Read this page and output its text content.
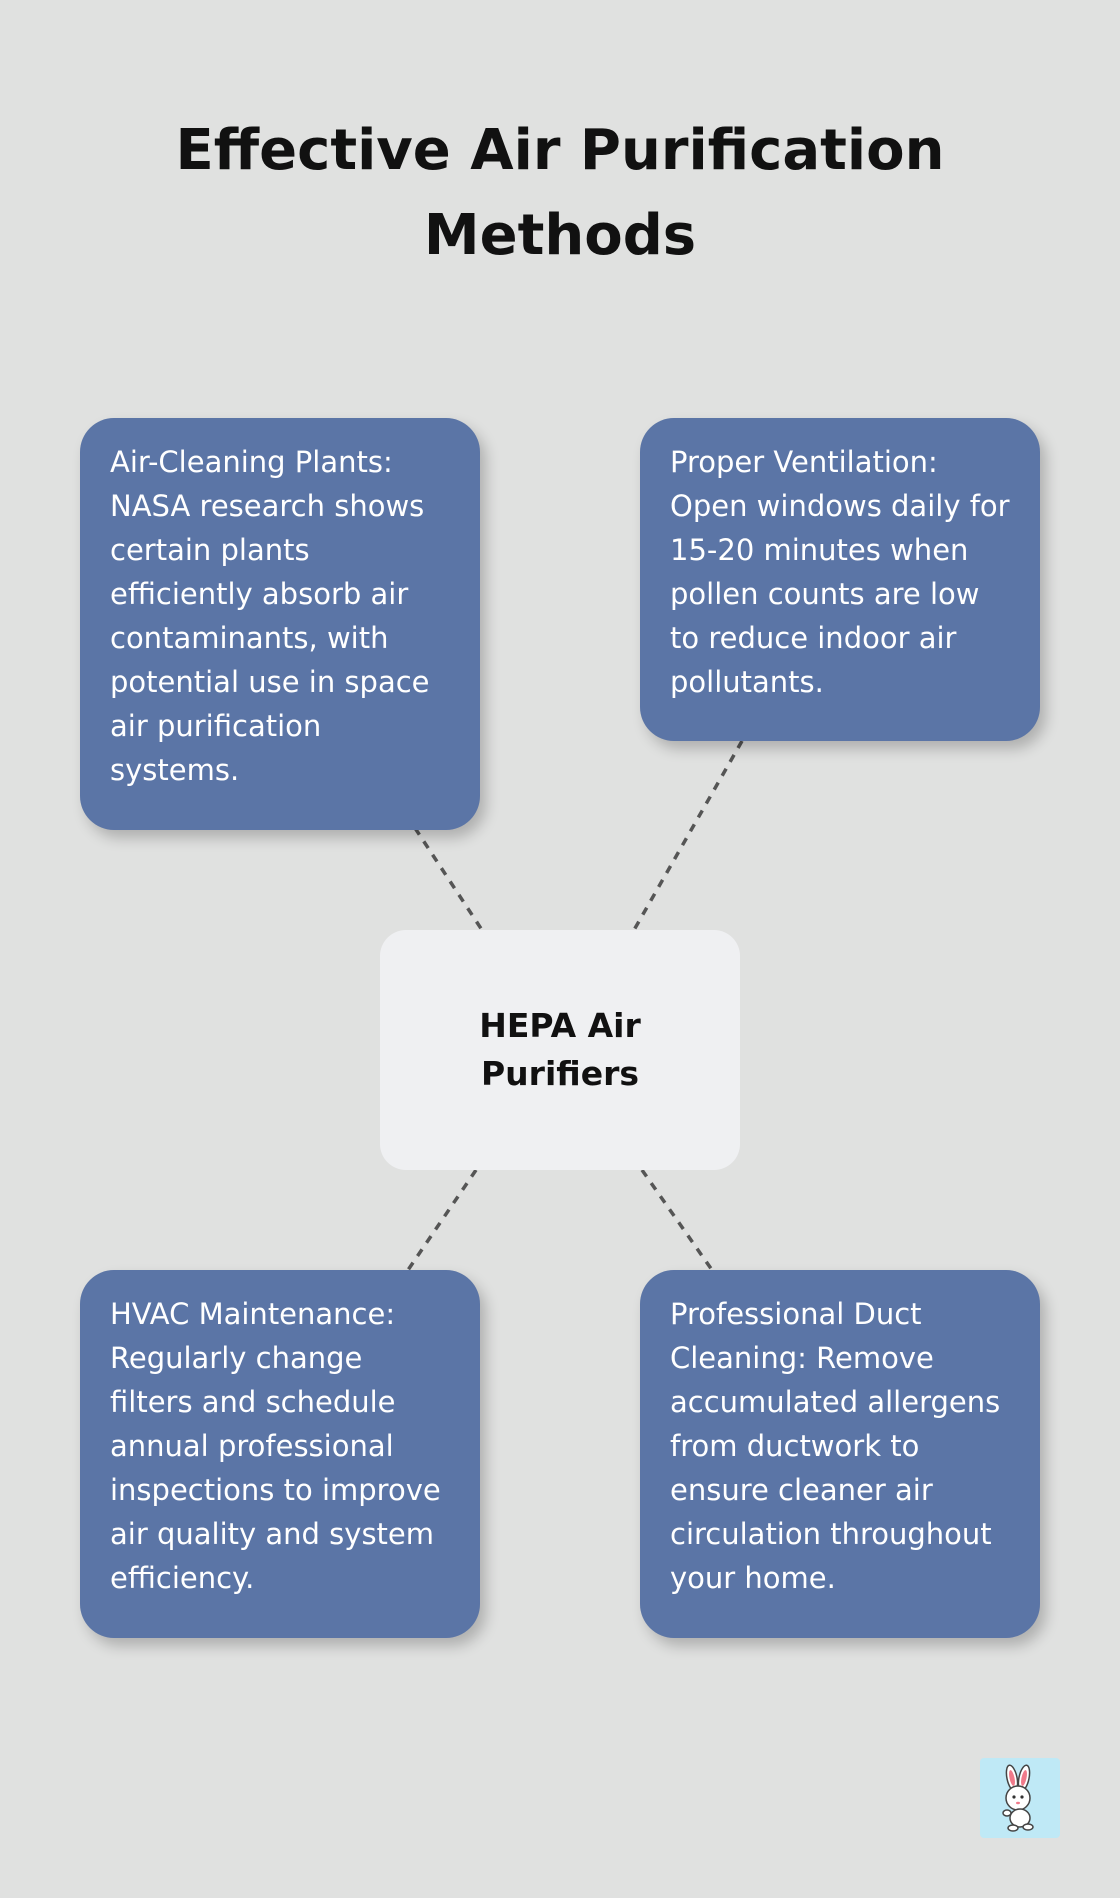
Effective Air Purification Methods
Air-Cleaning Plants: NASA research shows certain plants efficiently absorb air contaminants, with potential use in space air purification systems.
Proper Ventilation: Open windows daily for 15-20 minutes when pollen counts are low to reduce indoor air pollutants.
HEPA Air Purifiers
HVAC Maintenance: Regularly change filters and schedule annual professional inspections to improve air quality and system efficiency.
Professional Duct Cleaning: Remove accumulated allergens from ductwork to ensure cleaner air circulation throughout your home.
